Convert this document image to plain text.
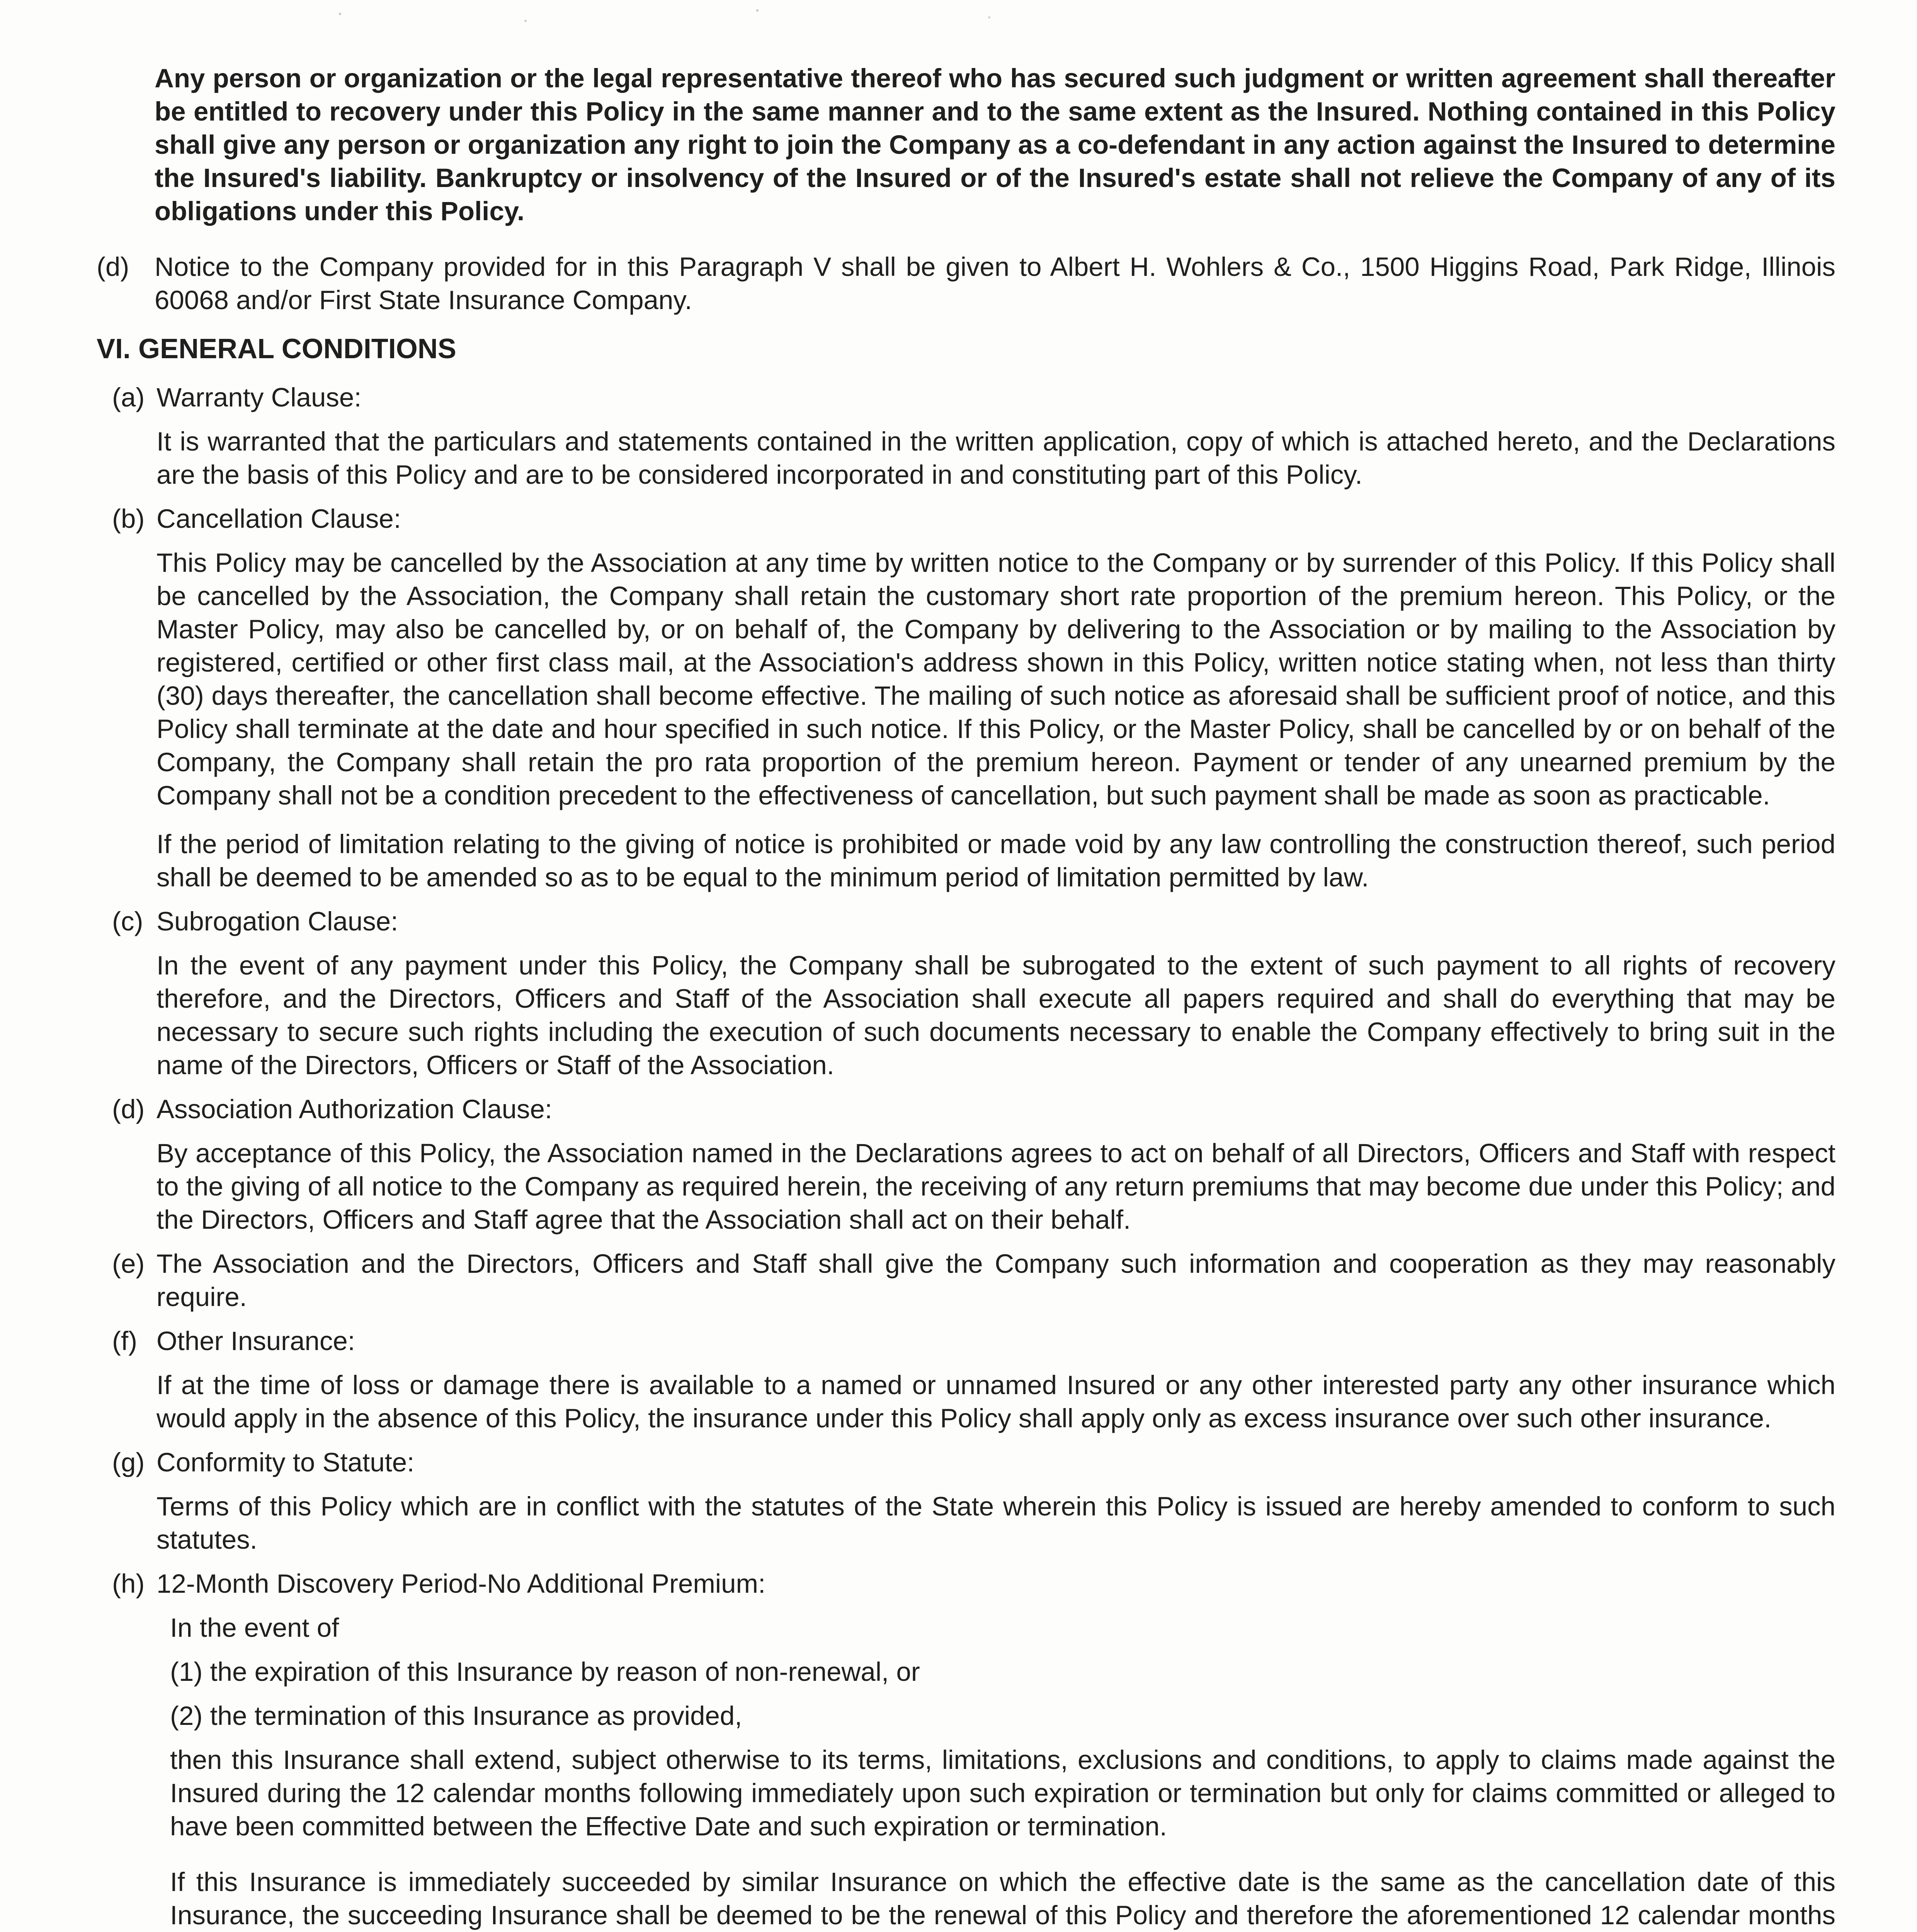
Any person or organization or the legal representative thereof who has secured such judgment or written agreement shall thereafter be entitled to recovery under this Policy in the same manner and to the same extent as the Insured. Nothing contained in this Policy shall give any person or organization any right to join the Company as a co-defendant in any action against the Insured to determine the Insured's liability. Bankruptcy or insolvency of the Insured or of the Insured's estate shall not relieve the Company of any of its obligations under this Policy.

(d) Notice to the Company provided for in this Paragraph V shall be given to Albert H. Wohlers & Co., 1500 Higgins Road, Park Ridge, Illinois 60068 and/or First State Insurance Company.
VI. GENERAL CONDITIONS
(a) Warranty Clause:

It is warranted that the particulars and statements contained in the written application, copy of which is attached hereto, and the Declarations are the basis of this Policy and are to be considered incorporated in and constituting part of this Policy.

(b) Cancellation Clause:

This Policy may be cancelled by the Association at any time by written notice to the Company or by surrender of this Policy. If this Policy shall be cancelled by the Association, the Company shall retain the customary short rate proportion of the premium hereon. This Policy, or the Master Policy, may also be cancelled by, or on behalf of, the Company by delivering to the Association or by mailing to the Association by registered, certified or other first class mail, at the Association's address shown in this Policy, written notice stating when, not less than thirty (30) days thereafter, the cancellation shall become effective. The mailing of such notice as aforesaid shall be sufficient proof of notice, and this Policy shall terminate at the date and hour specified in such notice. If this Policy, or the Master Policy, shall be cancelled by or on behalf of the Company, the Company shall retain the pro rata proportion of the premium hereon. Payment or tender of any unearned premium by the Company shall not be a condition precedent to the effectiveness of cancellation, but such payment shall be made as soon as practicable.

If the period of limitation relating to the giving of notice is prohibited or made void by any law controlling the construction thereof, such period shall be deemed to be amended so as to be equal to the minimum period of limitation permitted by law.

(c) Subrogation Clause:

In the event of any payment under this Policy, the Company shall be subrogated to the extent of such payment to all rights of recovery therefore, and the Directors, Officers and Staff of the Association shall execute all papers required and shall do everything that may be necessary to secure such rights including the execution of such documents necessary to enable the Company effectively to bring suit in the name of the Directors, Officers or Staff of the Association.

(d) Association Authorization Clause:

By acceptance of this Policy, the Association named in the Declarations agrees to act on behalf of all Directors, Officers and Staff with respect to the giving of all notice to the Company as required herein, the receiving of any return premiums that may become due under this Policy; and the Directors, Officers and Staff agree that the Association shall act on their behalf.

(e) The Association and the Directors, Officers and Staff shall give the Company such information and cooperation as they may reasonably require.
(f) Other Insurance:

If at the time of loss or damage there is available to a named or unnamed Insured or any other interested party any other insurance which would apply in the absence of this Policy, the insurance under this Policy shall apply only as excess insurance over such other insurance.

(g) Conformity to Statute:

Terms of this Policy which are in conflict with the statutes of the State wherein this Policy is issued are hereby amended to conform to such statutes.

(h) 12-Month Discovery Period-No Additional Premium:

In the event of

(1) the expiration of this Insurance by reason of non-renewal, or

(2) the termination of this Insurance as provided,

then this Insurance shall extend, subject otherwise to its terms, limitations, exclusions and conditions, to apply to claims made against the Insured during the 12 calendar months following immediately upon such expiration or termination but only for claims committed or alleged to have been committed between the Effective Date and such expiration or termination.

If this Insurance is immediately succeeded by similar Insurance on which the effective date is the same as the cancellation date of this Insurance, the succeeding Insurance shall be deemed to be the renewal of this Policy and therefore the aforementioned 12 calendar months
